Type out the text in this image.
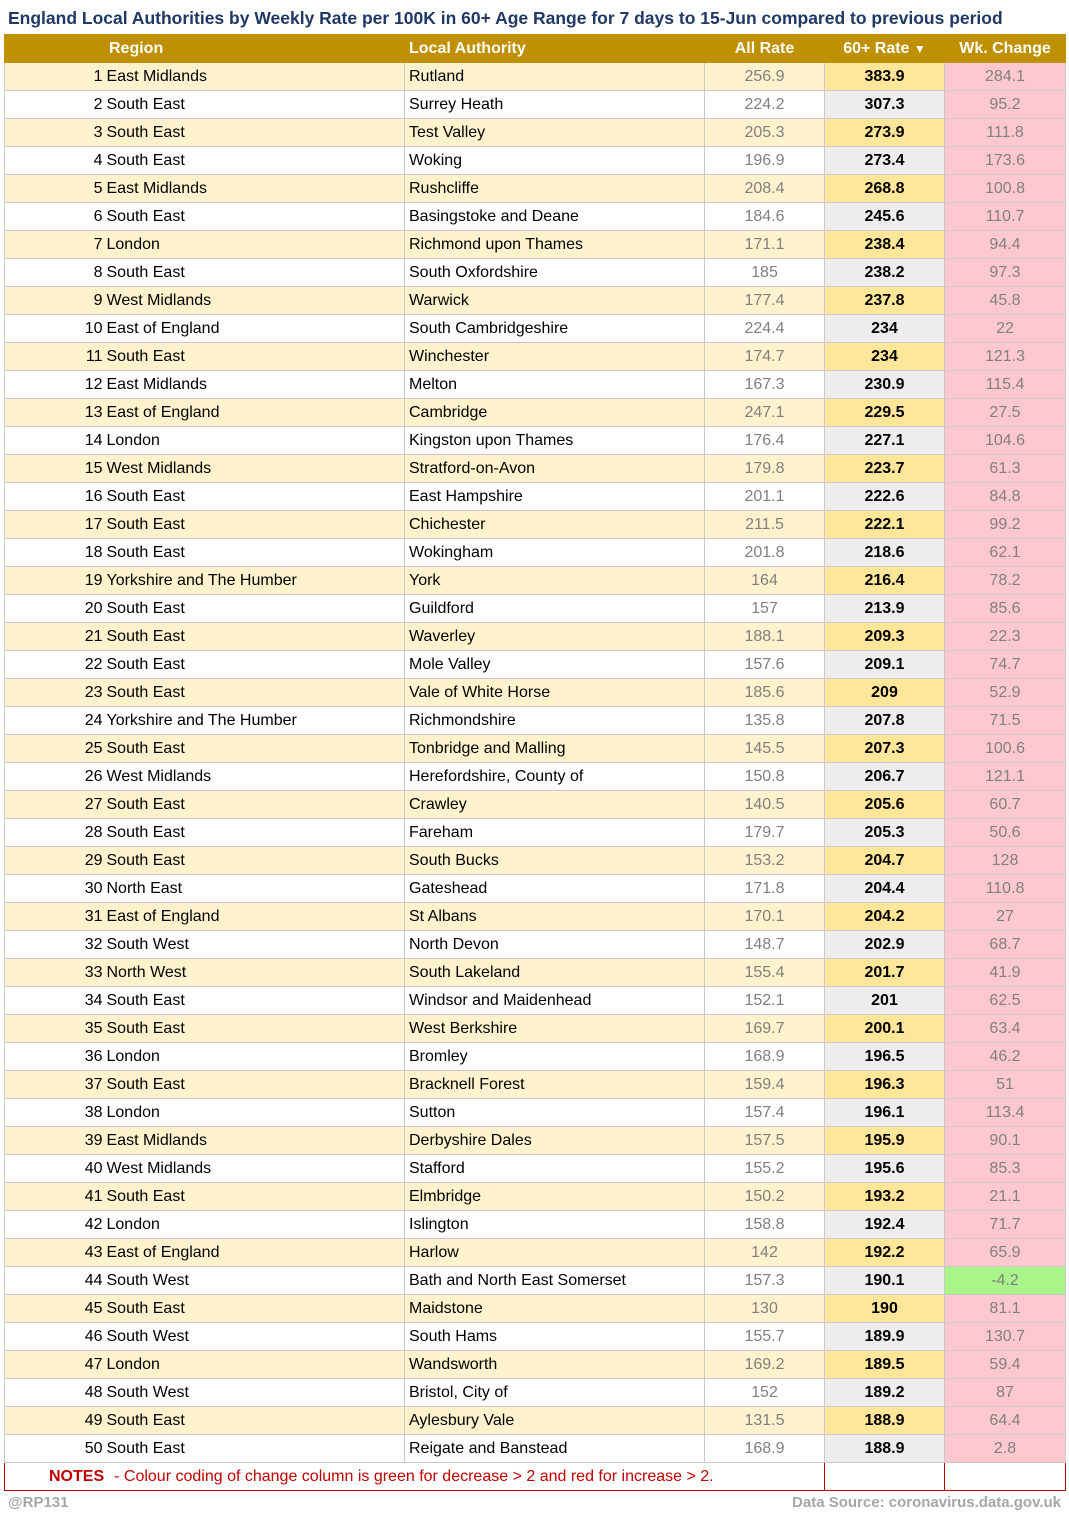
England Local Authorities by Weekly Rate per 100K in 60+ Age Range for 7 days to 15-Jun compared to previous period
	Region	Local Authority	All Rate	60+ Rate ▼	Wk. Change
1	East Midlands	Rutland	256.9	383.9	284.1
2	South East	Surrey Heath	224.2	307.3	95.2
3	South East	Test Valley	205.3	273.9	111.8
4	South East	Woking	196.9	273.4	173.6
5	East Midlands	Rushcliffe	208.4	268.8	100.8
6	South East	Basingstoke and Deane	184.6	245.6	110.7
7	London	Richmond upon Thames	171.1	238.4	94.4
8	South East	South Oxfordshire	185	238.2	97.3
9	West Midlands	Warwick	177.4	237.8	45.8
10	East of England	South Cambridgeshire	224.4	234	22
11	South East	Winchester	174.7	234	121.3
12	East Midlands	Melton	167.3	230.9	115.4
13	East of England	Cambridge	247.1	229.5	27.5
14	London	Kingston upon Thames	176.4	227.1	104.6
15	West Midlands	Stratford-on-Avon	179.8	223.7	61.3
16	South East	East Hampshire	201.1	222.6	84.8
17	South East	Chichester	211.5	222.1	99.2
18	South East	Wokingham	201.8	218.6	62.1
19	Yorkshire and The Humber	York	164	216.4	78.2
20	South East	Guildford	157	213.9	85.6
21	South East	Waverley	188.1	209.3	22.3
22	South East	Mole Valley	157.6	209.1	74.7
23	South East	Vale of White Horse	185.6	209	52.9
24	Yorkshire and The Humber	Richmondshire	135.8	207.8	71.5
25	South East	Tonbridge and Malling	145.5	207.3	100.6
26	West Midlands	Herefordshire, County of	150.8	206.7	121.1
27	South East	Crawley	140.5	205.6	60.7
28	South East	Fareham	179.7	205.3	50.6
29	South East	South Bucks	153.2	204.7	128
30	North East	Gateshead	171.8	204.4	110.8
31	East of England	St Albans	170.1	204.2	27
32	South West	North Devon	148.7	202.9	68.7
33	North West	South Lakeland	155.4	201.7	41.9
34	South East	Windsor and Maidenhead	152.1	201	62.5
35	South East	West Berkshire	169.7	200.1	63.4
36	London	Bromley	168.9	196.5	46.2
37	South East	Bracknell Forest	159.4	196.3	51
38	London	Sutton	157.4	196.1	113.4
39	East Midlands	Derbyshire Dales	157.5	195.9	90.1
40	West Midlands	Stafford	155.2	195.6	85.3
41	South East	Elmbridge	150.2	193.2	21.1
42	London	Islington	158.8	192.4	71.7
43	East of England	Harlow	142	192.2	65.9
44	South West	Bath and North East Somerset	157.3	190.1	-4.2
45	South East	Maidstone	130	190	81.1
46	South West	South Hams	155.7	189.9	130.7
47	London	Wandsworth	169.2	189.5	59.4
48	South West	Bristol, City of	152	189.2	87
49	South East	Aylesbury Vale	131.5	188.9	64.4
50	South East	Reigate and Banstead	168.9	188.9	2.8
NOTES - Colour coding of change column is green for decrease > 2 and red for increase > 2.					
@RP131	Data Source: coronavirus.data.gov.uk
